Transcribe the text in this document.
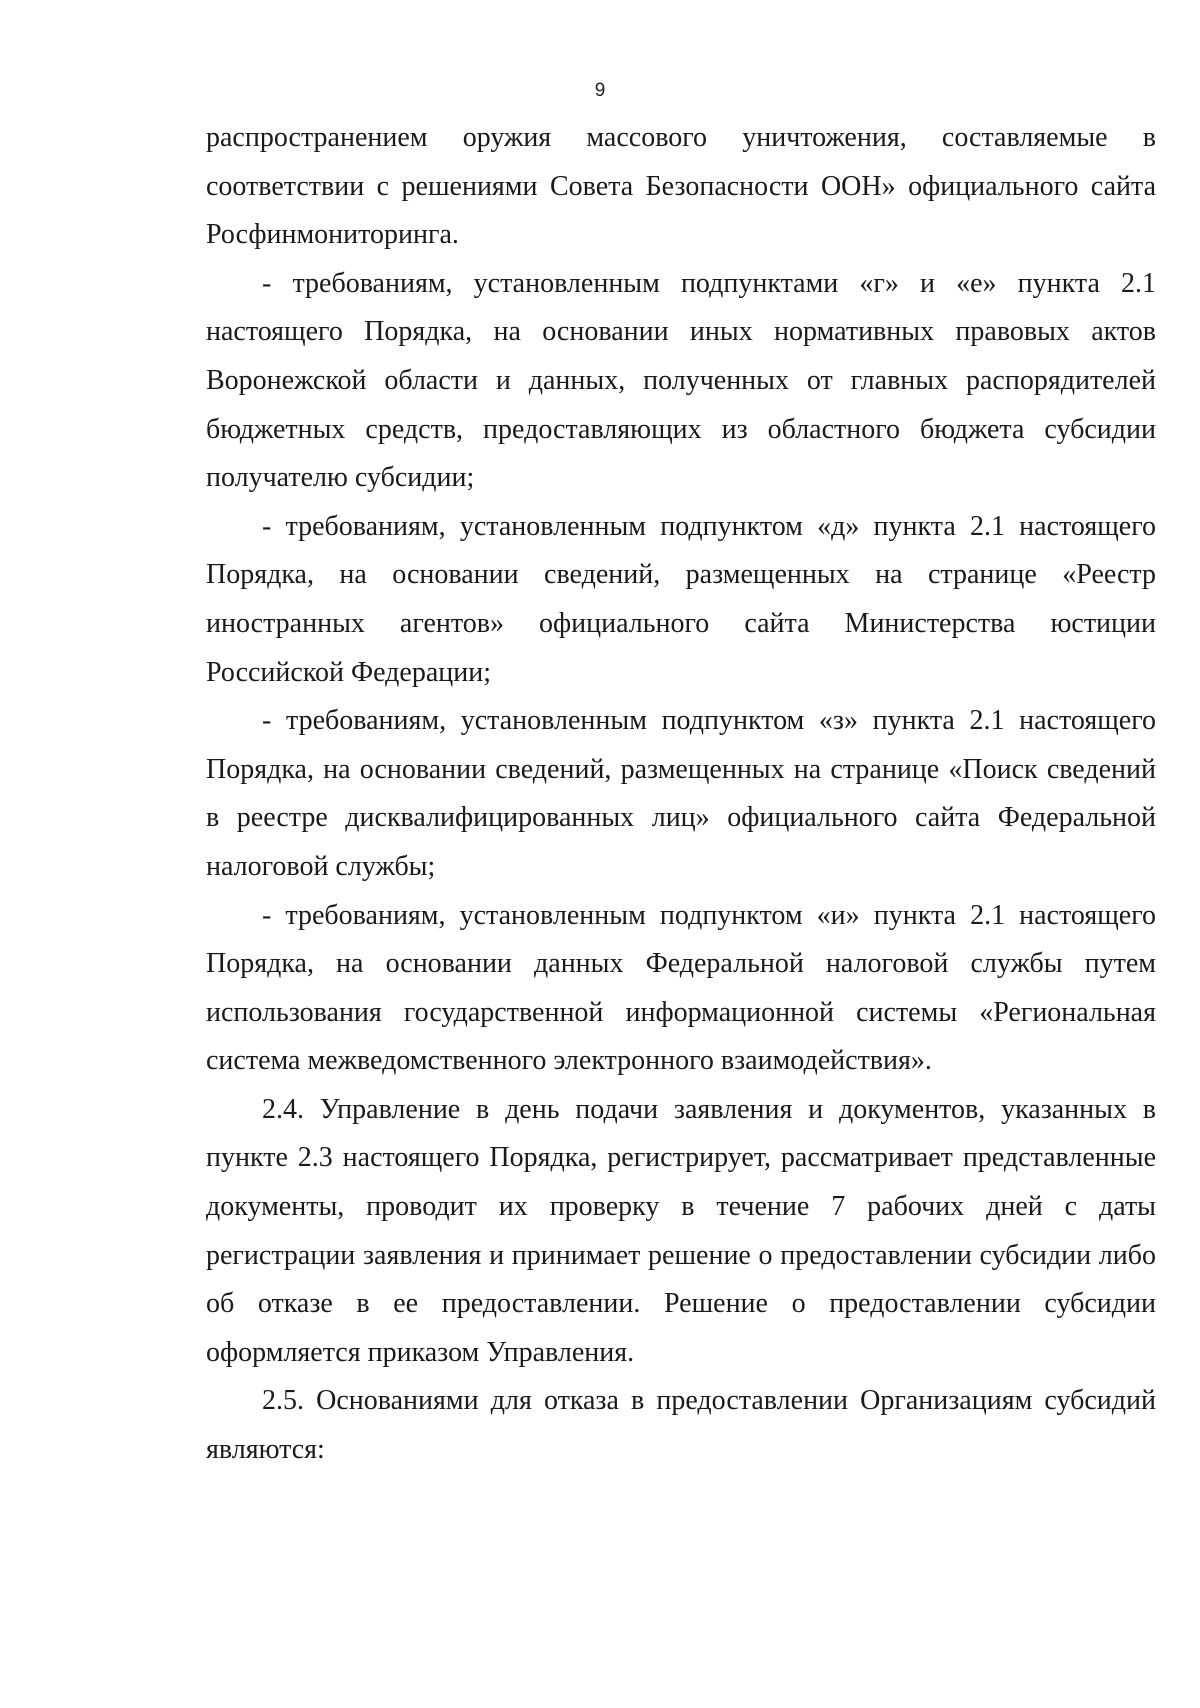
9

распространением оружия массового уничтожения, составляемые в соответствии с решениями Совета Безопасности ООН» официального сайта Росфинмониторинга.

- требованиям, установленным подпунктами «г» и «е» пункта 2.1 настоящего Порядка, на основании иных нормативных правовых актов Воронежской области и данных, полученных от главных распорядителей бюджетных средств, предоставляющих из областного бюджета субсидии получателю субсидии;

- требованиям, установленным подпунктом «д» пункта 2.1 настоящего Порядка, на основании сведений, размещенных на странице «Реестр иностранных агентов» официального сайта Министерства юстиции Российской Федерации;

- требованиям, установленным подпунктом «з» пункта 2.1 настоящего Порядка, на основании сведений, размещенных на странице «Поиск сведений в реестре дисквалифицированных лиц» официального сайта Федеральной налоговой службы;

- требованиям, установленным подпунктом «и» пункта 2.1 настоящего Порядка, на основании данных Федеральной налоговой службы путем использования государственной информационной системы «Региональная система межведомственного электронного взаимодействия».

2.4. Управление в день подачи заявления и документов, указанных в пункте 2.3 настоящего Порядка, регистрирует, рассматривает представленные документы, проводит их проверку в течение 7 рабочих дней с даты регистрации заявления и принимает решение о предоставлении субсидии либо об отказе в ее предоставлении. Решение о предоставлении субсидии оформляется приказом Управления.

2.5. Основаниями для отказа в предоставлении Организациям субсидий являются:
